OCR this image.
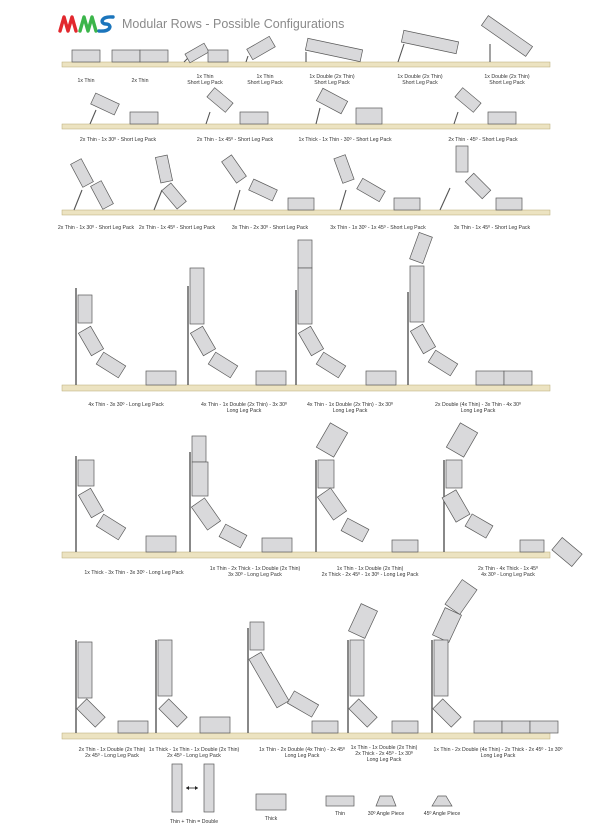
Modular Rows - Possible Configurations
1x Thin	2x Thin
1x Thin Short Leg Pack
1x Thin Short Leg Pack
1x Double (2x Thin) Short Leg Pack
1x Double (2x Thin) Short Leg Pack
1x Double (2x Thin) Short Leg Pack
2x Thin - 1x 30º - Short Leg Pack	2x Thin - 1x 45º - Short Leg Pack	1x Thick - 1x Thin - 30º - Short Leg Pack	2x Thin - 45º - Short Leg Pack
2x Thin - 1x 30º - Short Leg Pack 2x Thin - 1x 45º - Short Leg Pack	3x Thin - 2x 30º - Short Leg Pack	3x Thin - 1x 30º - 1x 45º - Short Leg Pack	3x Thin - 1x 45º - Short Leg Pack
4x Thin - 3x 30º - Long Leg Pack	4x Thin - 1x Double (2x Thin) - 3x 30º Long Leg Pack
4x Thin - 1x Double (2x Thin) - 3x 30º Long Leg Pack
2x Double (4x Thin) - 3x Thin - 4x 30º Long Leg Pack
1x Thick - 3x Thin - 3x 30º - Long Leg Pack
1x Thin - 2x Thick - 1x Double (2x Thin) 3x 30º - Long Leg Pack
1x Thin - 1x Double (2x Thin) 2x Thick - 2x 45º - 1x 30º - Long Leg Pack
2x Thin - 4x Thick - 1x 45º 4x 30º - Long Leg Pack
2x Thin - 1x Double (2x Thin) 2x 45º - Long Leg Pack
1x Thick - 1x Thin - 1x Double (2x Thin) 2x 45º - Long Leg Pack
1x Thin - 2x Double (4x Thin) - 2x 45º Long Leg Pack
1x Thin - 1x Double (2x Thin) 2x Thick - 2x 45º - 1x 30º Long Leg Pack
1x Thin - 2x Double (4x Thin) - 2x Thick - 2x 45º - 1x 30º Long Leg Pack
Thin + Thin = Double	Thick
Thin	30º Angle Piece	45º Angle Piece
